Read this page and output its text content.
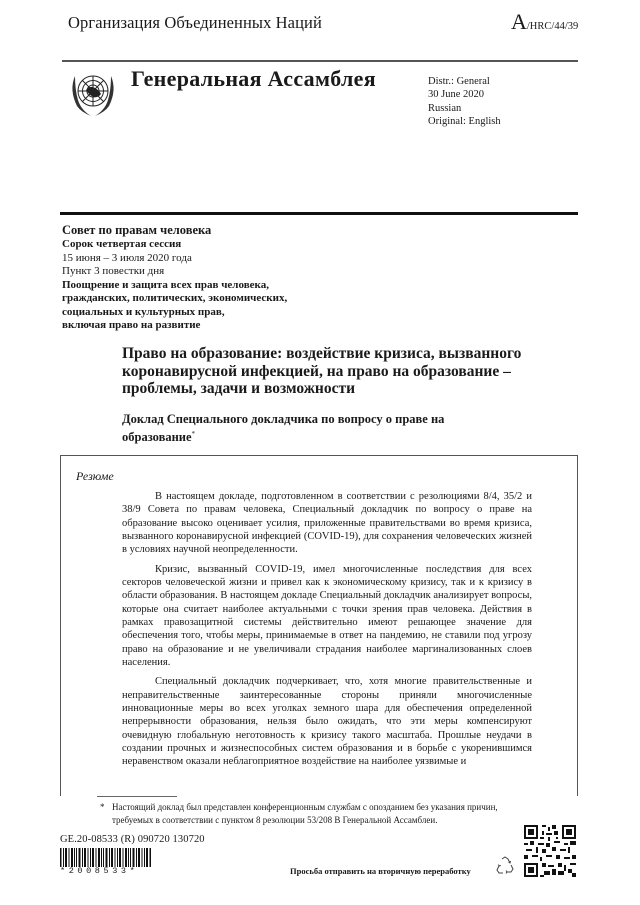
Организация Объединенных Наций	A/HRC/44/39
Генеральная Ассамблея	Distr.: General
30 June 2020
Russian
Original: English
Совет по правам человека
Сорок четвертая сессия
15 июня – 3 июля 2020 года
Пункт 3 повестки дня
Поощрение и защита всех прав человека,
гражданских, политических, экономических,
социальных и культурных прав,
включая право на развитие
Право на образование: воздействие кризиса, вызванного коронавирусной инфекцией, на право на образование – проблемы, задачи и возможности
Доклад Специального докладчика по вопросу о праве на образование*
Резюме

В настоящем докладе, подготовленном в соответствии с резолюциями 8/4, 35/2 и 38/9 Совета по правам человека, Специальный докладчик по вопросу о праве на образование высоко оценивает усилия, приложенные правительствами во время кризиса, вызванного коронавирусной инфекцией (COVID-19), для сохранения человеческих жизней в условиях научной неопределенности.

Кризис, вызванный COVID-19, имел многочисленные последствия для всех секторов человеческой жизни и привел как к экономическому кризису, так и к кризису в области образования. В настоящем докладе Специальный докладчик анализирует вопросы, которые она считает наиболее актуальными с точки зрения прав человека. Действия в рамках правозащитной системы действительно имеют решающее значение для обеспечения того, чтобы меры, принимаемые в ответ на пандемию, не ставили под угрозу право на образование и не увеличивали страдания наиболее маргинализованных слоев населения.

Специальный докладчик подчеркивает, что, хотя многие правительственные и неправительственные заинтересованные стороны приняли многочисленные инновационные меры во всех уголках земного шара для обеспечения определенной непрерывности образования, нельзя было ожидать, что эти меры компенсируют очевидную глобальную неготовность к кризису такого масштаба. Прошлые неудачи в создании прочных и жизнеспособных систем образования и в борьбе с укоренившимся неравенством оказали неблагоприятное воздействие на наиболее уязвимые и

* Настоящий доклад был представлен конференционным службам с опозданием без указания причин, требуемых в соответствии с пунктом 8 резолюции 53/208 В Генеральной Ассамблеи.
GE.20-08533 (R) 090720 130720
*2008533*	Просьба отправить на вторичную переработку
